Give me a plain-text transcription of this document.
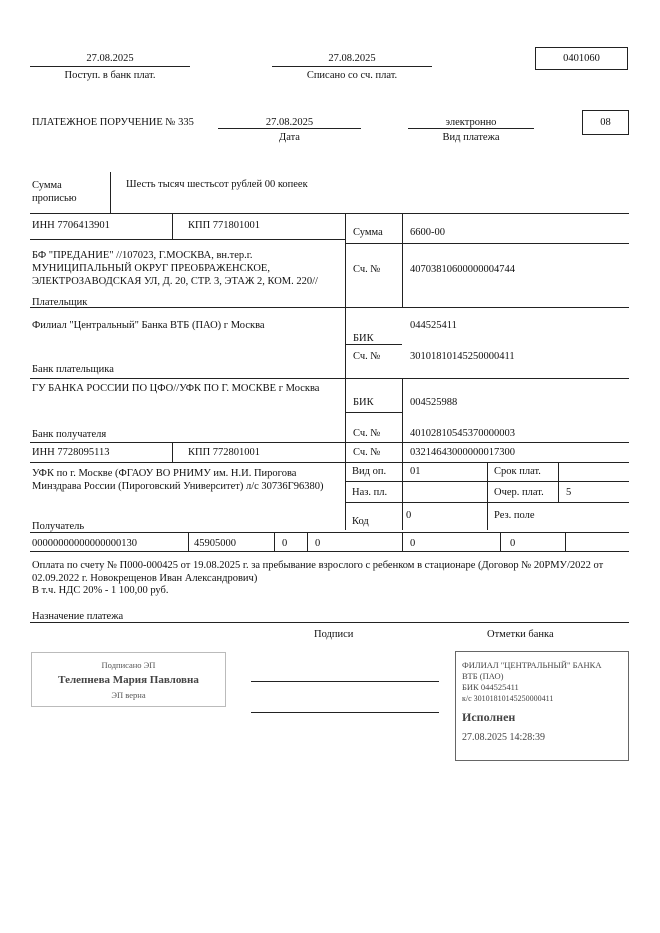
27.08.2025
Поступ. в банк плат.
27.08.2025
Списано со сч. плат.
0401060
ПЛАТЕЖНОЕ ПОРУЧЕНИЕ № 335	27.08.2025
Дата
электронно
Вид платежа
08
Сумма прописью
Шесть тысяч шестьсот рублей 00 копеек
ИНН 7706413901	КПП 771801001
Сумма	6600-00
БФ "ПРЕДАНИЕ" //107023, Г.МОСКВА, вн.тер.г. МУНИЦИПАЛЬНЫЙ ОКРУГ ПРЕОБРАЖЕНСКОЕ, ЭЛЕКТРОЗАВОДСКАЯ УЛ, Д. 20, СТР. 3, ЭТАЖ 2, КОМ. 220//
Сч. №	40703810600000004744
Плательщик
Филиал "Центральный" Банка ВТБ (ПАО) г Москва	044525411
БИК
Сч. №	30101810145250000411
Банк плательщика
ГУ БАНКА РОССИИ ПО ЦФО//УФК ПО Г. МОСКВЕ г Москва
БИК	004525988
Сч. №	40102810545370000003
Банк получателя
ИНН 7728095113	КПП 772801001	Сч. №	03214643000000017300
УФК по г. Москве (ФГАОУ ВО РНИМУ им. Н.И. Пирогова Минздрава России (Пироговский Университет) л/с 30736Г96380)
Вид оп. 01	Срок плат.
Наз. пл.	Очер. плат. 5
Код
0	Рез. поле
Получатель
00000000000000000130	45905000	0	0	0	0
Оплата по счету № П000-000425 от 19.08.2025 г. за пребывание взрослого с ребенком в стационаре (Договор № 20РМУ/2022 от 02.09.2022 г. Новокрещенов Иван Александрович)
В т.ч. НДС 20% - 1 100,00 руб.
Назначение платежа
Подписи	Отметки банка
Подписано ЭП
Телепнева Мария Павловна
ЭП верна
ФИЛИАЛ "ЦЕНТРАЛЬНЫЙ" БАНКА
ВТБ (ПАО)
БИК 044525411
к/с 30101810145250000411
Исполнен
27.08.2025 14:28:39
